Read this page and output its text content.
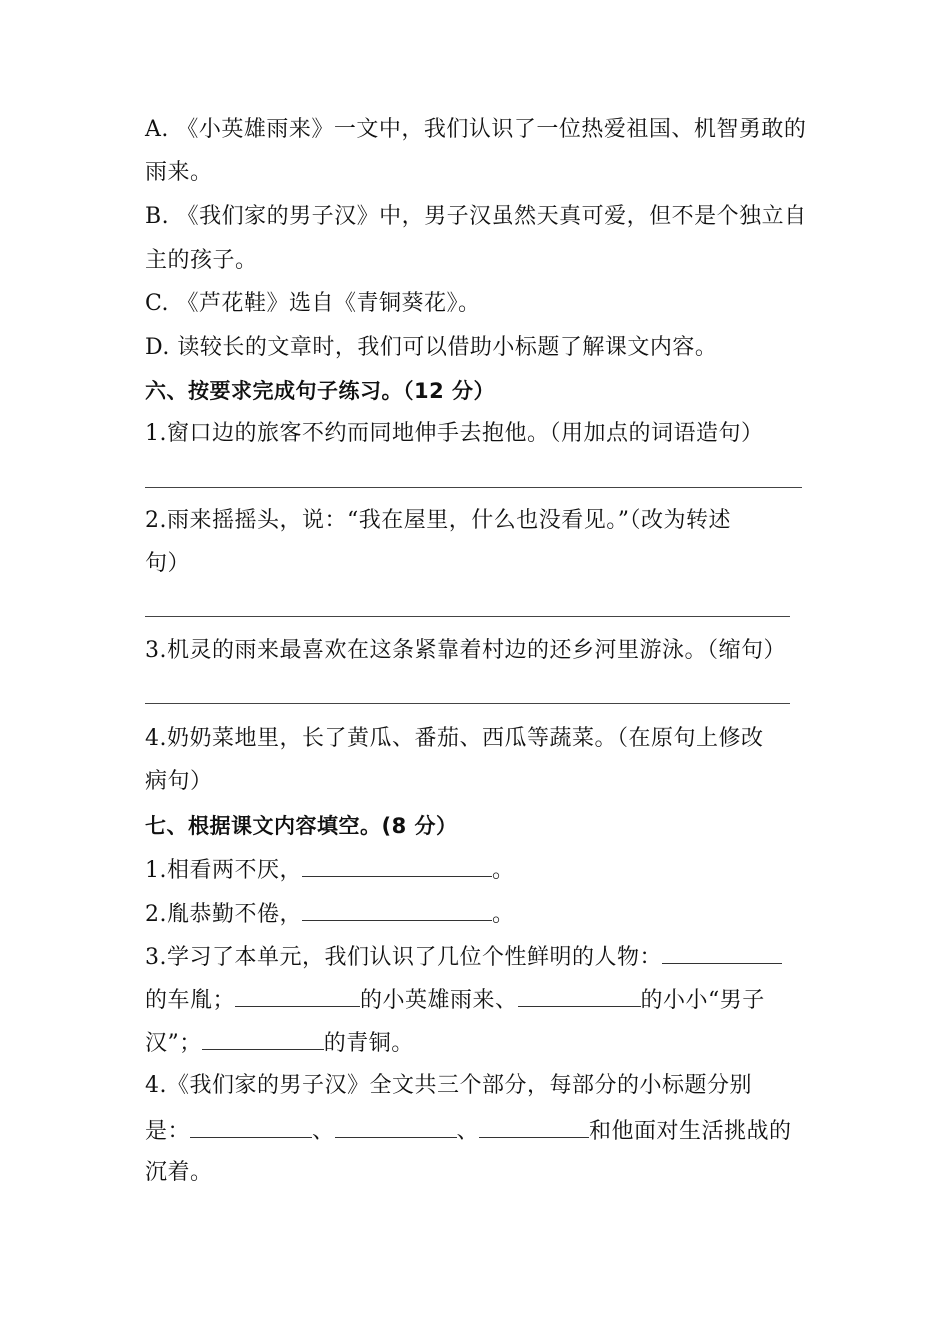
A. 《小英雄雨来》一文中，我们认识了一位热爱祖国、机智勇敢的
雨来。
B. 《我们家的男子汉》中，男子汉虽然天真可爱，但不是个独立自
主的孩子。
C. 《芦花鞋》选自《青铜葵花》。
D. 读较长的文章时，我们可以借助小标题了解课文内容。
六、按要求完成句子练习。（12 分）
1.窗口边的旅客不约而同地伸手去抱他。（用加点的词语造句）
2.雨来摇摇头，说：“我在屋里，什么也没看见。”（改为转述
句）
3.机灵的雨来最喜欢在这条紧靠着村边的还乡河里游泳。（缩句）
4.奶奶菜地里，长了黄瓜、番茄、西瓜等蔬菜。（在原句上修改
病句）
七、根据课文内容填空。(8 分）
1.相看两不厌，	。
2.胤恭勤不倦，	。
3.学习了本单元，我们认识了几位个性鲜明的人物：
的车胤；	的小英雄雨来、	的小小“男子
汉”；	的青铜。
4.《我们家的男子汉》全文共三个部分，每部分的小标题分别
是：	、	、	和他面对生活挑战的
沉着。
